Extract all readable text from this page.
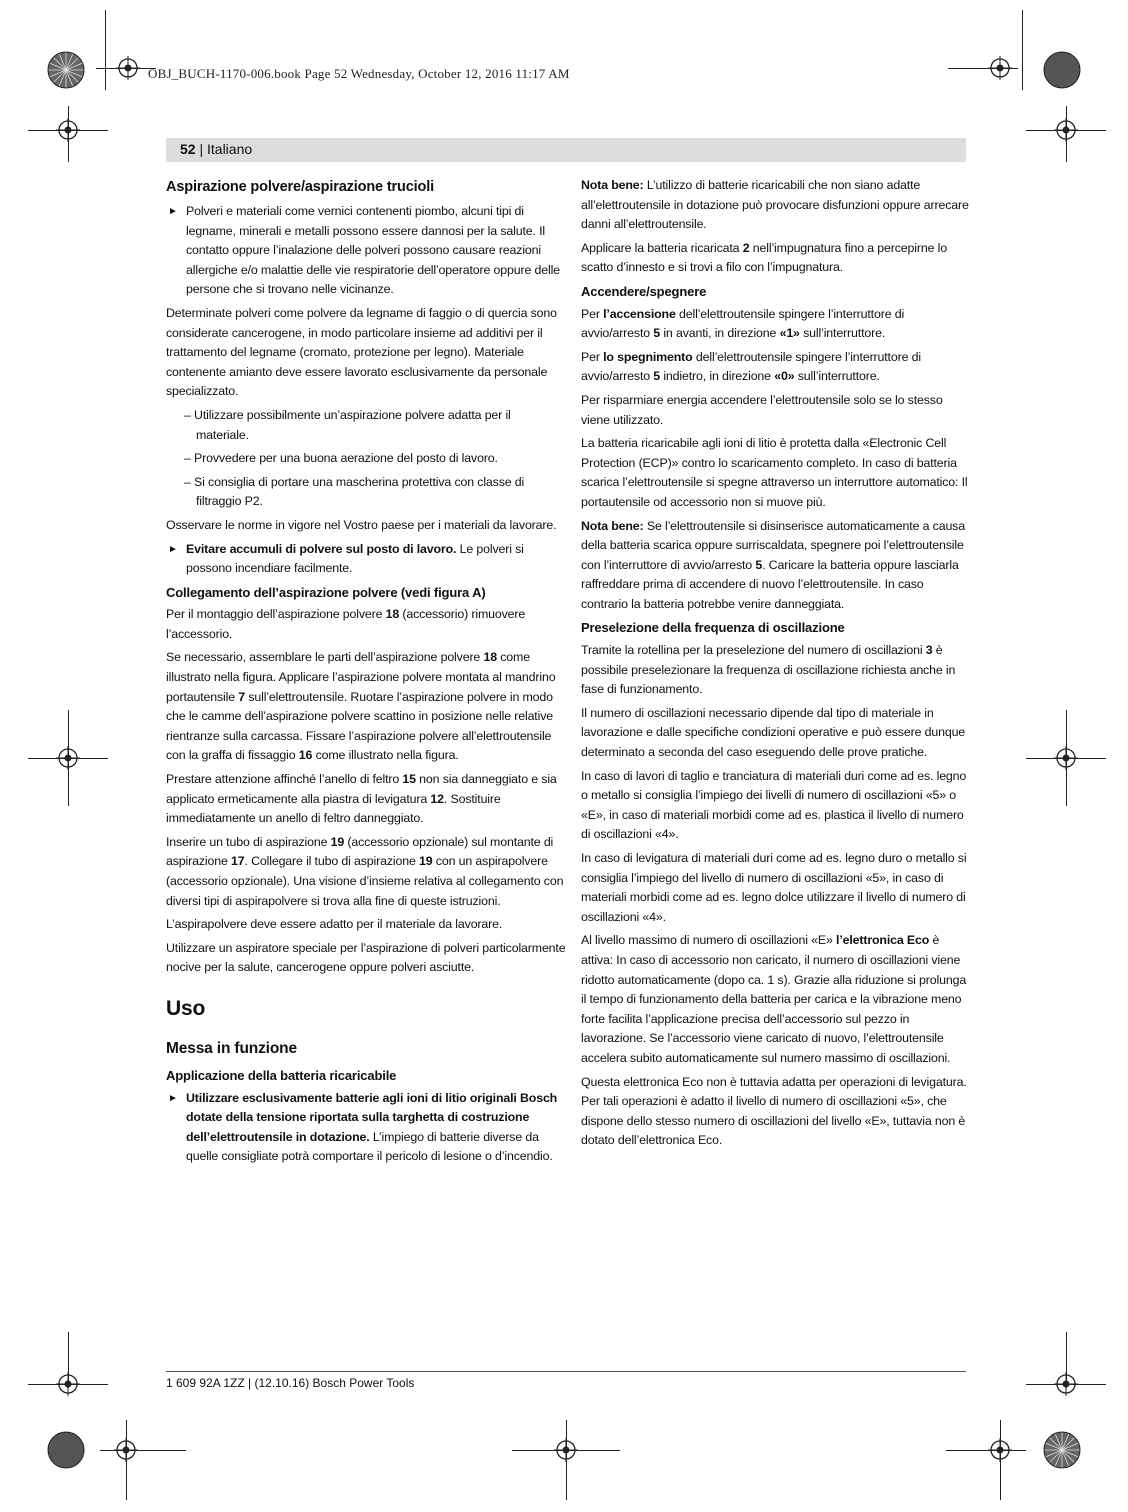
OBJ_BUCH-1170-006.book Page 52 Wednesday, October 12, 2016 11:17 AM
52 | Italiano
Aspirazione polvere/aspirazione trucioli
► Polveri e materiali come vernici contenenti piombo, alcuni tipi di legname, minerali e metalli possono essere dannosi per la salute. Il contatto oppure l’inalazione delle polveri possono causare reazioni allergiche e/o malattie delle vie respiratorie dell’operatore oppure delle persone che si trovano nelle vicinanze.

Determinate polveri come polvere da legname di faggio o di quercia sono considerate cancerogene, in modo particolare insieme ad additivi per il trattamento del legname (cromato, protezione per legno). Materiale contenente amianto deve essere lavorato esclusivamente da personale specializzato.

– Utilizzare possibilmente un’aspirazione polvere adatta per il materiale.

– Provvedere per una buona aerazione del posto di lavoro.

– Si consiglia di portare una mascherina protettiva con classe di filtraggio P2.

Osservare le norme in vigore nel Vostro paese per i materiali da lavorare.

► Evitare accumuli di polvere sul posto di lavoro. Le polveri si possono incendiare facilmente.
Collegamento dell’aspirazione polvere (vedi figura A)

Per il montaggio dell’aspirazione polvere 18 (accessorio) rimuovere l’accessorio.

Se necessario, assemblare le parti dell’aspirazione polvere 18 come illustrato nella figura. Applicare l’aspirazione polvere montata al mandrino portautensile 7 sull’elettroutensile. Ruotare l’aspirazione polvere in modo che le camme dell’aspirazione polvere scattino in posizione nelle relative rientranze sulla carcassa. Fissare l’aspirazione polvere all’elettroutensile con la graffa di fissaggio 16 come illustrato nella figura.

Prestare attenzione affinché l’anello di feltro 15 non sia danneggiato e sia applicato ermeticamente alla piastra di levigatura 12. Sostituire immediatamente un anello di feltro danneggiato.

Inserire un tubo di aspirazione 19 (accessorio opzionale) sul montante di aspirazione 17. Collegare il tubo di aspirazione 19 con un aspirapolvere (accessorio opzionale). Una visione d’insieme relativa al collegamento con diversi tipi di aspirapolvere si trova alla fine di queste istruzioni.

L’aspirapolvere deve essere adatto per il materiale da lavorare.

Utilizzare un aspiratore speciale per l’aspirazione di polveri particolarmente nocive per la salute, cancerogene oppure polveri asciutte.

Uso
Messa in funzione
Applicazione della batteria ricaricabile
► Utilizzare esclusivamente batterie agli ioni di litio originali Bosch dotate della tensione riportata sulla targhetta di costruzione dell’elettroutensile in dotazione. L’impiego di batterie diverse da quelle consigliate potrà comportare il pericolo di lesione o d’incendio.

Nota bene: L’utilizzo di batterie ricaricabili che non siano adatte all’elettroutensile in dotazione può provocare disfunzioni oppure arrecare danni all’elettroutensile.

Applicare la batteria ricaricata 2 nell’impugnatura fino a percepirne lo scatto d’innesto e si trovi a filo con l’impugnatura.

Accendere/spegnere

Per l’accensione dell’elettroutensile spingere l’interruttore di avvio/arresto 5 in avanti, in direzione «1» sull’interruttore.

Per lo spegnimento dell’elettroutensile spingere l’interruttore di avvio/arresto 5 indietro, in direzione «0» sull’interruttore.

Per risparmiare energia accendere l’elettroutensile solo se lo stesso viene utilizzato.

La batteria ricaricabile agli ioni di litio è protetta dalla «Electronic Cell Protection (ECP)» contro lo scaricamento completo. In caso di batteria scarica l’elettroutensile si spegne attraverso un interruttore automatico: Il portautensile od accessorio non si muove più.

Nota bene: Se l’elettroutensile si disinserisce automaticamente a causa della batteria scarica oppure surriscaldata, spegnere poi l’elettroutensile con l’interruttore di avvio/arresto 5. Caricare la batteria oppure lasciarla raffreddare prima di accendere di nuovo l’elettroutensile. In caso contrario la batteria potrebbe venire danneggiata.

Preselezione della frequenza di oscillazione

Tramite la rotellina per la preselezione del numero di oscillazioni 3 è possibile preselezionare la frequenza di oscillazione richiesta anche in fase di funzionamento.

Il numero di oscillazioni necessario dipende dal tipo di materiale in lavorazione e dalle specifiche condizioni operative e può essere dunque determinato a seconda del caso eseguendo delle prove pratiche.

In caso di lavori di taglio e tranciatura di materiali duri come ad es. legno o metallo si consiglia l’impiego dei livelli di numero di oscillazioni «5» o «E», in caso di materiali morbidi come ad es. plastica il livello di numero di oscillazioni «4».

In caso di levigatura di materiali duri come ad es. legno duro o metallo si consiglia l’impiego del livello di numero di oscillazioni «5», in caso di materiali morbidi come ad es. legno dolce utilizzare il livello di numero di oscillazioni «4».

Al livello massimo di numero di oscillazioni «E» l’elettronica Eco è attiva: In caso di accessorio non caricato, il numero di oscillazioni viene ridotto automaticamente (dopo ca. 1 s). Grazie alla riduzione si prolunga il tempo di funzionamento della batteria per carica e la vibrazione meno forte facilita l’applicazione precisa dell’accessorio sul pezzo in lavorazione. Se l’accessorio viene caricato di nuovo, l’elettroutensile accelera subito automaticamente sul numero massimo di oscillazioni.

Questa elettronica Eco non è tuttavia adatta per operazioni di levigatura. Per tali operazioni è adatto il livello di numero di oscillazioni «5», che dispone dello stesso numero di oscillazioni del livello «E», tuttavia non è dotato dell’elettronica Eco.

1 609 92A 1ZZ | (12.10.16) Bosch Power Tools
